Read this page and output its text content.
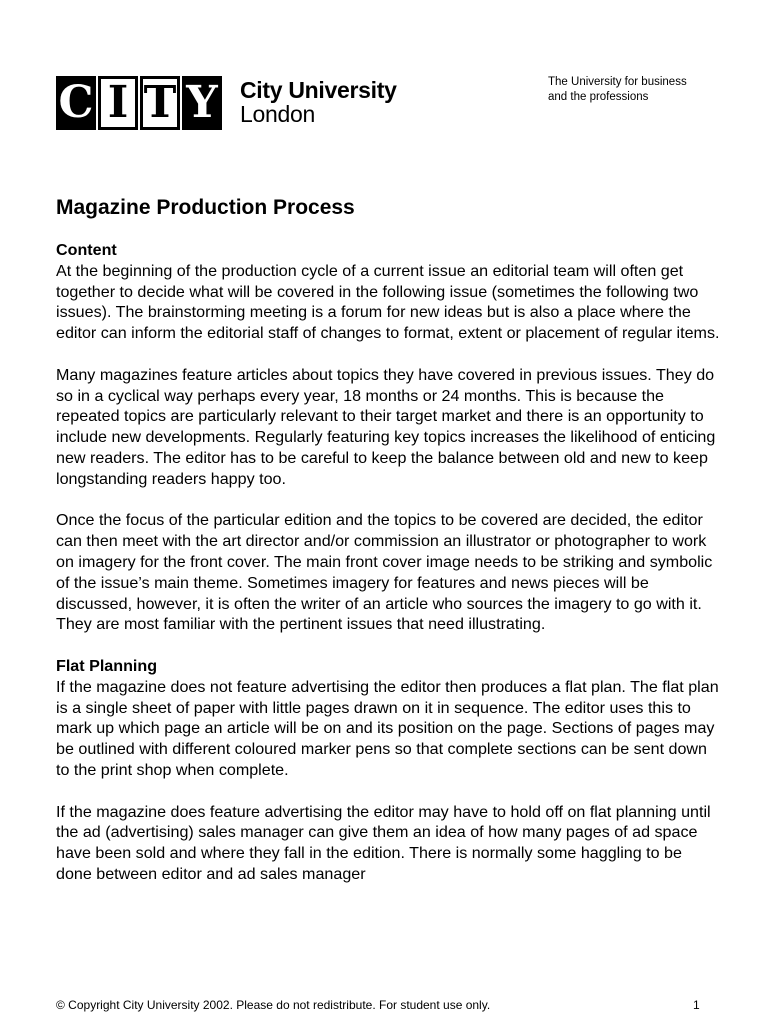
C I T Y City University
London
The University for business
and the professions
Magazine Production Process
Content

At the beginning of the production cycle of a current issue an editorial team will often get together to decide what will be covered in the following issue (sometimes the following two issues). The brainstorming meeting is a forum for new ideas but is also a place where the editor can inform the editorial staff of changes to format, extent or placement of regular items.

Many magazines feature articles about topics they have covered in previous issues. They do so in a cyclical way perhaps every year, 18 months or 24 months. This is because the repeated topics are particularly relevant to their target market and there is an opportunity to include new developments. Regularly featuring key topics increases the likelihood of enticing new readers. The editor has to be careful to keep the balance between old and new to keep longstanding readers happy too.

Once the focus of the particular edition and the topics to be covered are decided, the editor can then meet with the art director and/or commission an illustrator or photographer to work on imagery for the front cover. The main front cover image needs to be striking and symbolic of the issue’s main theme. Sometimes imagery for features and news pieces will be discussed, however, it is often the writer of an article who sources the imagery to go with it. They are most familiar with the pertinent issues that need illustrating.

Flat Planning

If the magazine does not feature advertising the editor then produces a flat plan. The flat plan is a single sheet of paper with little pages drawn on it in sequence. The editor uses this to mark up which page an article will be on and its position on the page. Sections of pages may be outlined with different coloured marker pens so that complete sections can be sent down to the print shop when complete.

If the magazine does feature advertising the editor may have to hold off on flat planning until the ad (advertising) sales manager can give them an idea of how many pages of ad space have been sold and where they fall in the edition. There is normally some haggling to be done between editor and ad sales manager

© Copyright City University 2002. Please do not redistribute. For student use only.	1
